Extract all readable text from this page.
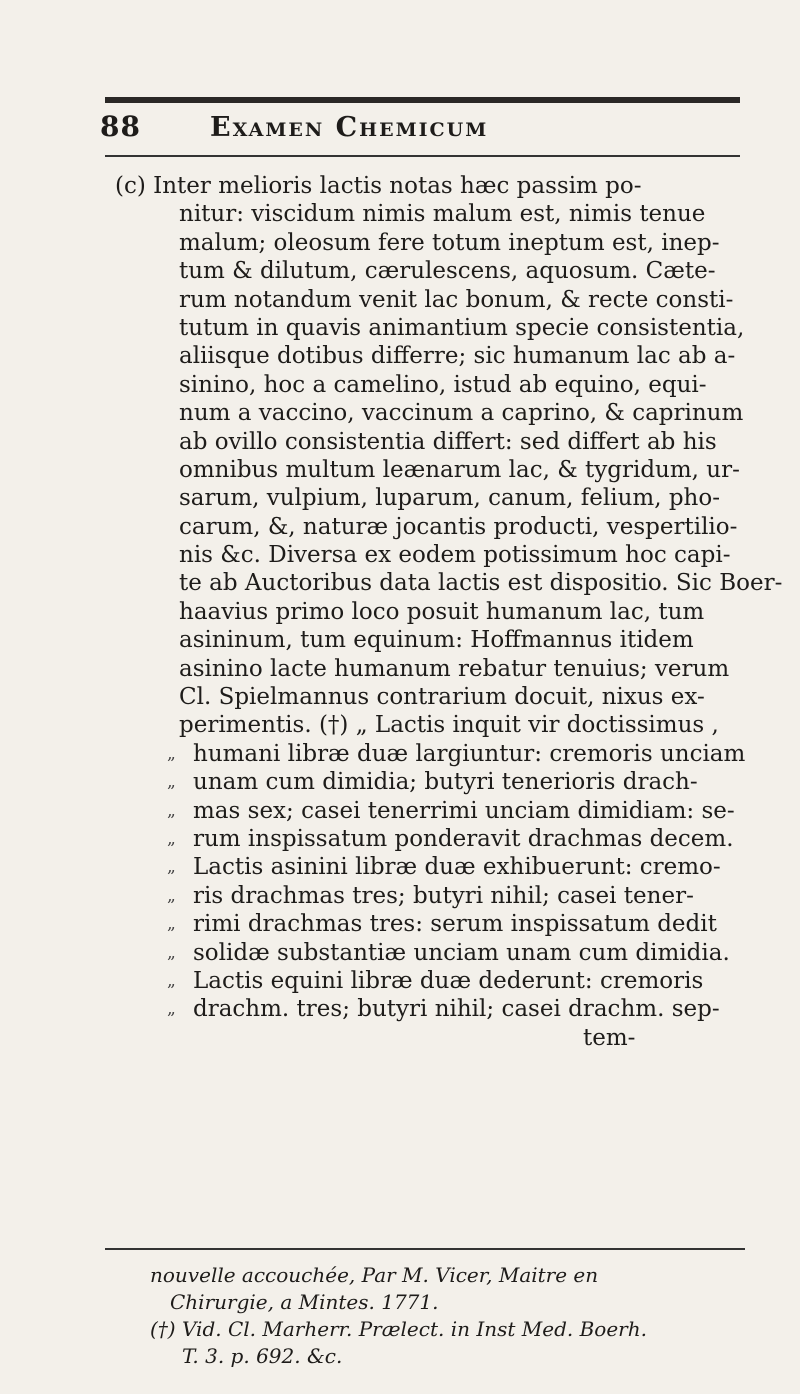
88	Examen Chemicum
(c) Inter melioris lactis notas hæc passim po-
nitur: viscidum nimis malum est, nimis tenue
malum; oleosum fere totum ineptum est, inep-
tum & dilutum, cærulescens, aquosum. Cæte-
rum notandum venit lac bonum, & recte consti-
tutum in quavis animantium specie consistentia,
aliisque dotibus differre; sic humanum lac ab a-
sinino, hoc a camelino, istud ab equino, equi-
num a vaccino, vaccinum a caprino, & caprinum
ab ovillo consistentia differt: sed differt ab his
omnibus multum leænarum lac, & tygridum, ur-
sarum, vulpium, luparum, canum, felium, pho-
carum, &, naturæ jocantis producti, vespertilio-
nis &c. Diversa ex eodem potissimum hoc capi-
te ab Auctoribus data lactis est dispositio. Sic Boer-
haavius primo loco posuit humanum lac, tum
asininum, tum equinum: Hoffmannus itidem
asinino lacte humanum rebatur tenuius; verum
Cl. Spielmannus contrarium docuit, nixus ex-
perimentis. (†) „ Lactis inquit vir doctissimus ,
„ humani libræ duæ largiuntur: cremoris unciam
„ unam cum dimidia; butyri tenerioris drach-
„ mas sex; casei tenerrimi unciam dimidiam: se-
„ rum inspissatum ponderavit drachmas decem.
„ Lactis asinini libræ duæ exhibuerunt: cremo-
„ ris drachmas tres; butyri nihil; casei tener-
„ rimi drachmas tres: serum inspissatum dedit
„ solidæ substantiæ unciam unam cum dimidia.
„ Lactis equini libræ duæ dederunt: cremoris
„ drachm. tres; butyri nihil; casei drachm. sep-
tem-
nouvelle accouchée, Par M. Vicer, Maitre en
Chirurgie, a Mintes. 1771.
(†) Vid. Cl. Marherr. Prælect. in Inst Med. Boerh.
T. 3. p. 692. &c.
